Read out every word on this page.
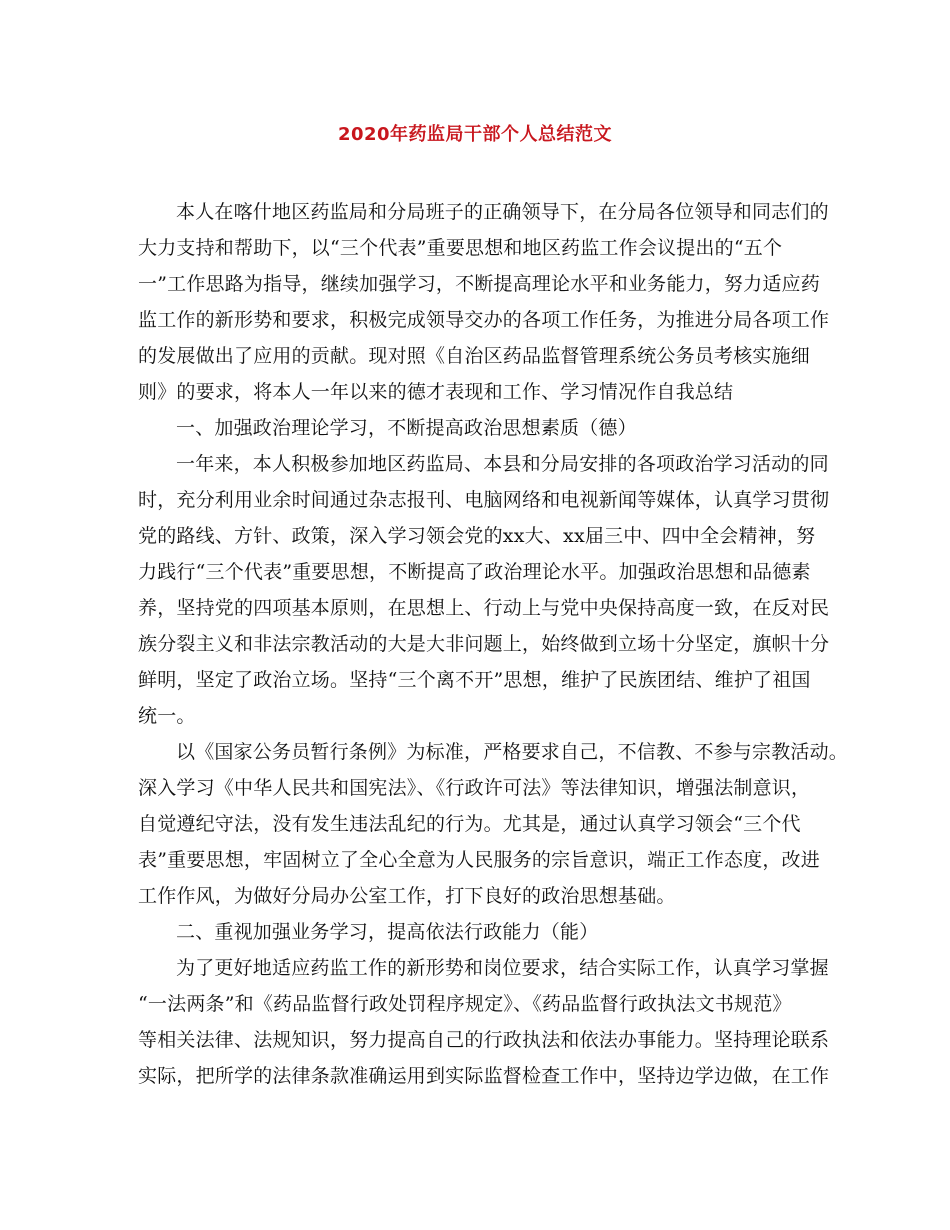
2020年药监局干部个人总结范文
本人在喀什地区药监局和分局班子的正确领导下，在分局各位领导和同志们的
大力支持和帮助下，以“三个代表”重要思想和地区药监工作会议提出的“五个
一”工作思路为指导，继续加强学习，不断提高理论水平和业务能力，努力适应药
监工作的新形势和要求，积极完成领导交办的各项工作任务，为推进分局各项工作
的发展做出了应用的贡献。现对照《自治区药品监督管理系统公务员考核实施细
则》的要求，将本人一年以来的德才表现和工作、学习情况作自我总结
一、加强政治理论学习，不断提高政治思想素质（德）
一年来，本人积极参加地区药监局、本县和分局安排的各项政治学习活动的同
时，充分利用业余时间通过杂志报刊、电脑网络和电视新闻等媒体，认真学习贯彻
党的路线、方针、政策，深入学习领会党的xx大、xx届三中、四中全会精神，努
力践行“三个代表”重要思想，不断提高了政治理论水平。加强政治思想和品德素
养，坚持党的四项基本原则，在思想上、行动上与党中央保持高度一致，在反对民
族分裂主义和非法宗教活动的大是大非问题上，始终做到立场十分坚定，旗帜十分
鲜明，坚定了政治立场。坚持“三个离不开”思想，维护了民族团结、维护了祖国
统一。
以《国家公务员暂行条例》为标准，严格要求自己，不信教、不参与宗教活动。
深入学习《中华人民共和国宪法》、《行政许可法》等法律知识，增强法制意识，
自觉遵纪守法，没有发生违法乱纪的行为。尤其是，通过认真学习领会“三个代
表”重要思想，牢固树立了全心全意为人民服务的宗旨意识，端正工作态度，改进
工作作风，为做好分局办公室工作，打下良好的政治思想基础。
二、重视加强业务学习，提高依法行政能力（能）
为了更好地适应药监工作的新形势和岗位要求，结合实际工作，认真学习掌握
“一法两条”和《药品监督行政处罚程序规定》、《药品监督行政执法文书规范》
等相关法律、法规知识，努力提高自己的行政执法和依法办事能力。坚持理论联系
实际，把所学的法律条款准确运用到实际监督检查工作中，坚持边学边做，在工作
